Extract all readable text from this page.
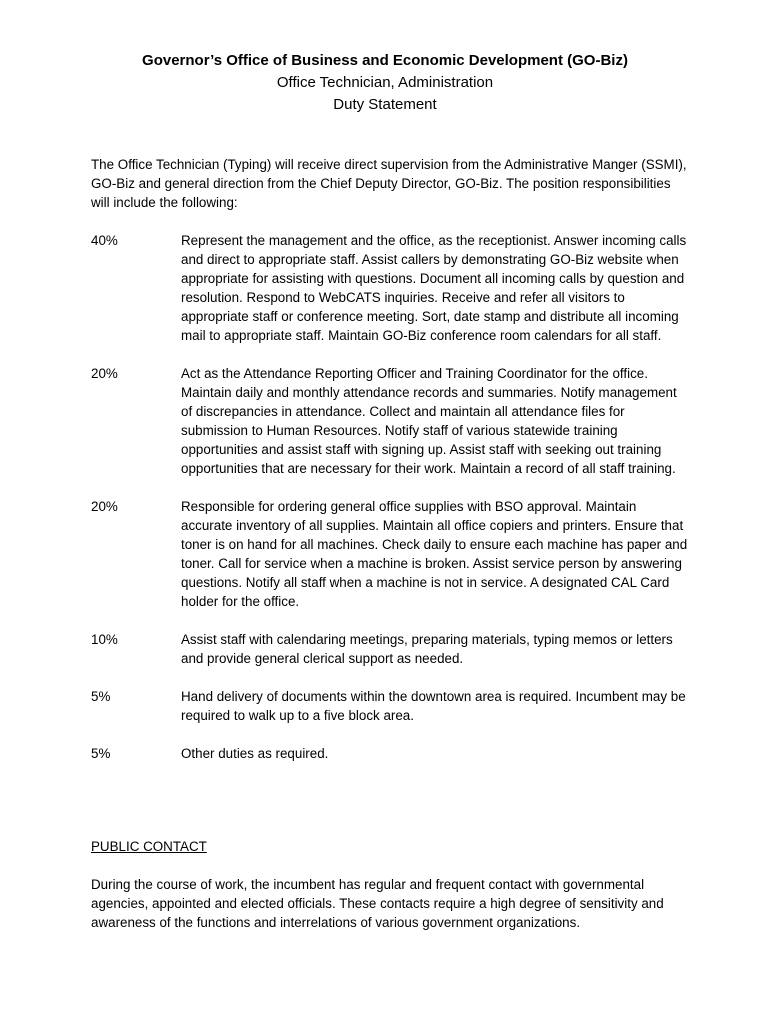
Governor’s Office of Business and Economic Development (GO-Biz)

Office Technician, Administration

Duty Statement

The Office Technician (Typing) will receive direct supervision from the Administrative Manger (SSMI), GO-Biz and general direction from the Chief Deputy Director, GO-Biz. The position responsibilities will include the following:

40%	Represent the management and the office, as the receptionist. Answer incoming calls and direct to appropriate staff. Assist callers by demonstrating GO-Biz website when appropriate for assisting with questions. Document all incoming calls by question and resolution. Respond to WebCATS inquiries. Receive and refer all visitors to appropriate staff or conference meeting. Sort, date stamp and distribute all incoming mail to appropriate staff. Maintain GO-Biz conference room calendars for all staff.
20%	Act as the Attendance Reporting Officer and Training Coordinator for the office. Maintain daily and monthly attendance records and summaries. Notify management of discrepancies in attendance. Collect and maintain all attendance files for submission to Human Resources. Notify staff of various statewide training opportunities and assist staff with signing up. Assist staff with seeking out training opportunities that are necessary for their work. Maintain a record of all staff training.
20%	Responsible for ordering general office supplies with BSO approval. Maintain accurate inventory of all supplies. Maintain all office copiers and printers. Ensure that toner is on hand for all machines. Check daily to ensure each machine has paper and toner. Call for service when a machine is broken. Assist service person by answering questions. Notify all staff when a machine is not in service. A designated CAL Card holder for the office.
10%	Assist staff with calendaring meetings, preparing materials, typing memos or letters and provide general clerical support as needed.
5%	Hand delivery of documents within the downtown area is required. Incumbent may be required to walk up to a five block area.
5%	Other duties as required.

PUBLIC CONTACT

During the course of work, the incumbent has regular and frequent contact with governmental agencies, appointed and elected officials. These contacts require a high degree of sensitivity and awareness of the functions and interrelations of various government organizations.
